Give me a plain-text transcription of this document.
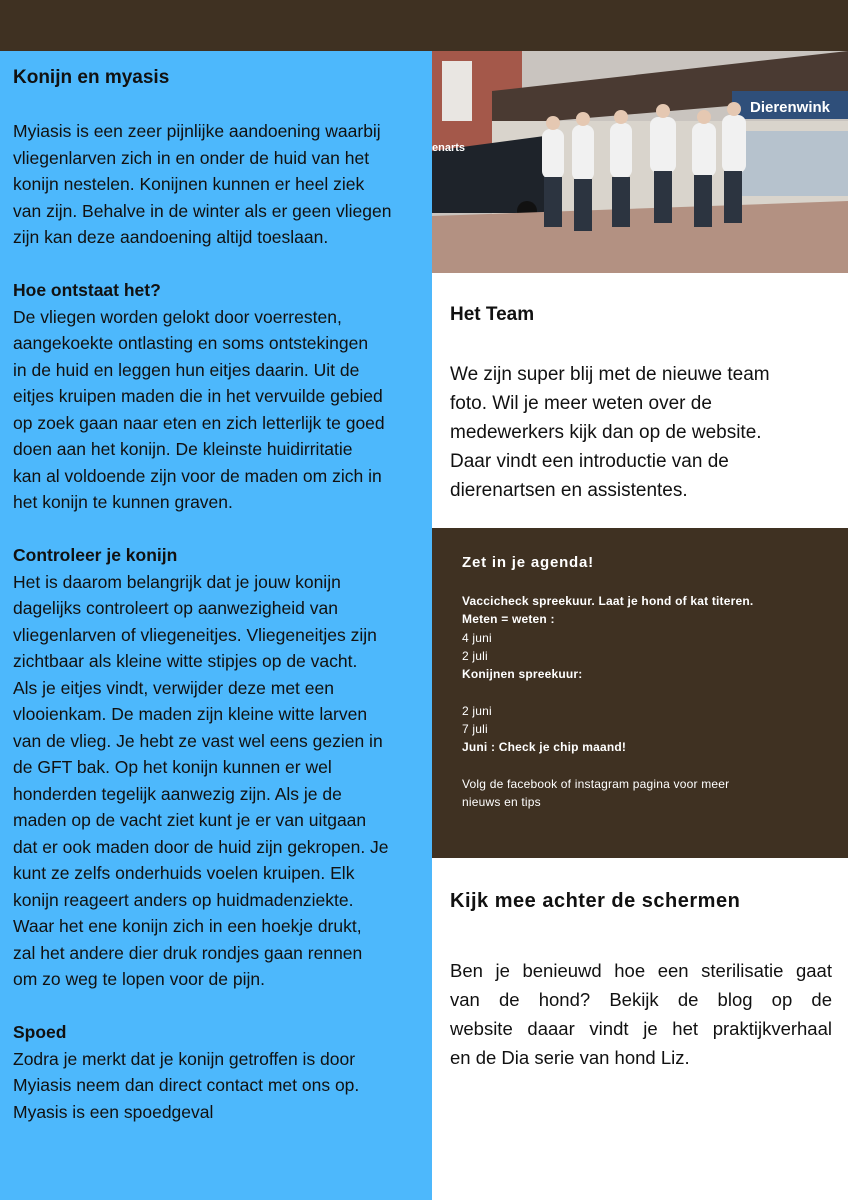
Konijn en myasis
Myiasis is een zeer pijnlijke aandoening waarbij
vliegenlarven zich in en onder de huid van het
konijn nestelen. Konijnen kunnen er heel ziek
van zijn. Behalve in de winter als er geen vliegen
zijn kan deze aandoening altijd toeslaan.
Hoe ontstaat het?
De vliegen worden gelokt door voerresten,
aangekoekte ontlasting en soms ontstekingen
in de huid en leggen hun eitjes daarin. Uit de
eitjes kruipen maden die in het vervuilde gebied
op zoek gaan naar eten en zich letterlijk te goed
doen aan het konijn. De kleinste huidirritatie
kan al voldoende zijn voor de maden om zich in
het konijn te kunnen graven.
Controleer je konijn
Het is daarom belangrijk dat je jouw konijn
dagelijks controleert op aanwezigheid van
vliegenlarven of vliegeneitjes. Vliegeneitjes zijn
zichtbaar als kleine witte stipjes op de vacht.
Als je eitjes vindt, verwijder deze met een
vlooienkam. De maden zijn kleine witte larven
van de vlieg. Je hebt ze vast wel eens gezien in
de GFT bak. Op het konijn kunnen er wel
honderden tegelijk aanwezig zijn. Als je de
maden op de vacht ziet kunt je er van uitgaan
dat er ook maden door de huid zijn gekropen. Je
kunt ze zelfs onderhuids voelen kruipen. Elk
konijn reageert anders op huidmadenziekte.
Waar het ene konijn zich in een hoekje drukt,
zal het andere dier druk rondjes gaan rennen
om zo weg te lopen voor de pijn.
Spoed
Zodra je merkt dat je konijn getroffen is door
Myiasis neem dan direct contact met ons op.
Myasis is een spoedgeval
Dierenwink
enarts
Het Team

We zijn super blij met de nieuwe team
foto. Wil je meer weten over de
medewerkers kijk dan op de website.
Daar vindt een introductie van de
dierenartsen en assistentes.

Zet in je agenda!
Vaccicheck spreekuur. Laat je hond of kat titeren.
Meten = weten :
4 juni
2 juli
Konijnen spreekuur:
2 juni
7 juli
Juni : Check je chip maand!
Volg de facebook of instagram pagina voor meer
nieuws en tips
Kijk mee achter de schermen

Ben je benieuwd hoe een sterilisatie gaat
van de hond? Bekijk de blog op de
website daaar vindt je het praktijkverhaal
en de Dia serie van hond Liz.
